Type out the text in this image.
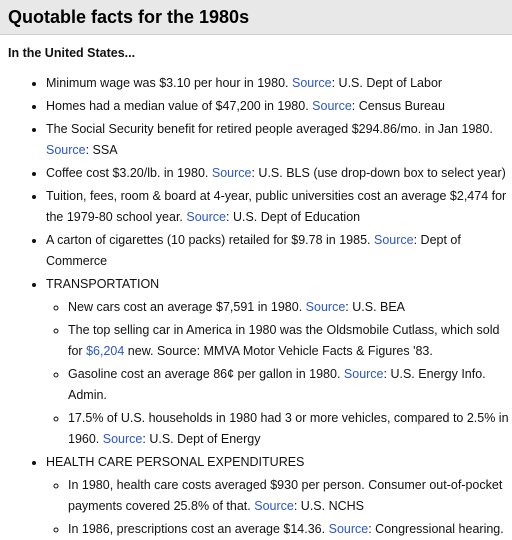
Quotable facts for the 1980s
In the United States...
• Minimum wage was $3.10 per hour in 1980. Source: U.S. Dept of Labor
• Homes had a median value of $47,200 in 1980. Source: Census Bureau
• The Social Security benefit for retired people averaged $294.86/mo. in Jan 1980. Source: SSA
• Coffee cost $3.20/lb. in 1980. Source: U.S. BLS (use drop-down box to select year)
• Tuition, fees, room & board at 4-year, public universities cost an average $2,474 for the 1979-80 school year. Source: U.S. Dept of Education
• A carton of cigarettes (10 packs) retailed for $9.78 in 1985. Source: Dept of Commerce
• TRANSPORTATION
◦ New cars cost an average $7,591 in 1980. Source: U.S. BEA
◦ The top selling car in America in 1980 was the Oldsmobile Cutlass, which sold for $6,204 new. Source: MMVA Motor Vehicle Facts & Figures '83.
◦ Gasoline cost an average 86¢ per gallon in 1980. Source: U.S. Energy Info. Admin.
◦ 17.5% of U.S. households in 1980 had 3 or more vehicles, compared to 2.5% in 1960. Source: U.S. Dept of Energy
• HEALTH CARE PERSONAL EXPENDITURES
◦ In 1980, health care costs averaged $930 per person. Consumer out-of-pocket payments covered 25.8% of that. Source: U.S. NCHS
◦ In 1986, prescriptions cost an average $14.36. Source: Congressional hearing.
